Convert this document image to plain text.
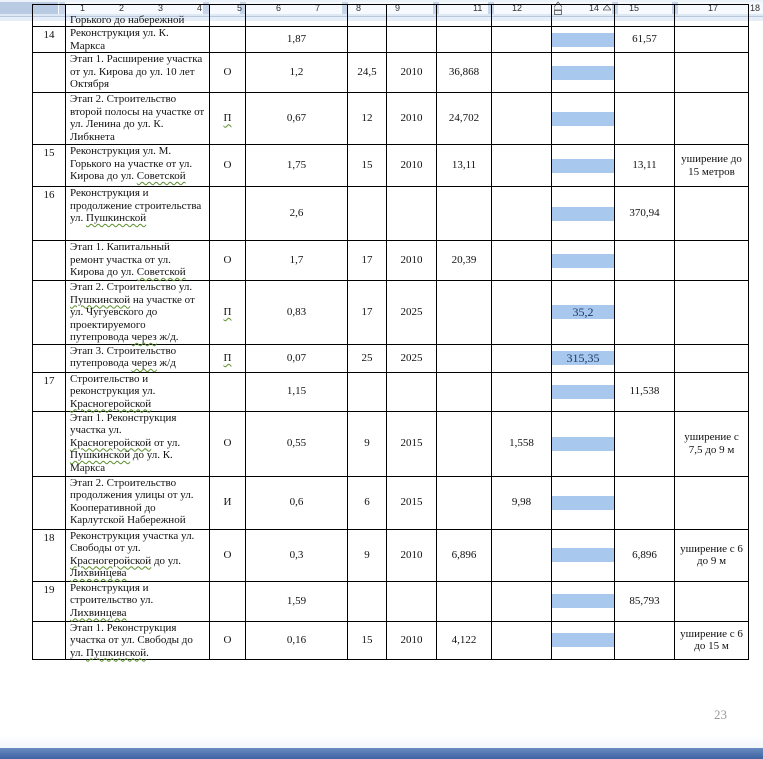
1	2	3	4	5	6	7	8	9	11	12	14	15	17	18
	Горького до набережной									
14	Реконструкция ул. К. Маркса		1,87						61,57	
	Этап 1. Расширение участка от ул. Кирова до ул. 10 лет Октября	О	1,2	24,5	2010	36,868		

	Этап 2. Строительство второй полосы на участке от ул. Ленина до ул. К. Либкнета	П	0,67	12	2010	24,702		

15	Реконструкция ул. М. Горького на участке от ул. Кирова до ул. Советской	О	1,75	15	2010	13,11			13,11	уширение до 15 метров
16	Реконструкция и продолжение строительства ул. Пушкинской		2,6						370,94	
	Этап 1. Капитальный ремонт участка от ул. Кирова до ул. Советской	О	1,7	17	2010	20,39		

	Этап 2. Строительство ул. Пушкинской на участке от ул. Чугуевского до проектируемого путепровода через ж/д.	П	0,83	17	2025			35,2		

	Этап 3. Строительство путепровода через ж/д	П	0,07	25	2025			315,35		

17	Строительство и реконструкция ул. Красногеройской		1,15						11,538	
	Этап 1. Реконструкция участка ул. Красногеройской от ул. Пушкинской до ул. К. Маркса	О	0,55	9	2015		1,558			уширение с 7,5 до 9 м
	Этап 2. Строительство продолжения улицы от ул. Кооперативной до Карлутской Набережной	И	0,6	6	2015		9,98	

18	Реконструкция участка ул. Свободы от ул. Красногеройской до ул. Лихвинцева	О	0,3	9	2010	6,896			6,896	уширение с 6 до 9 м
19	Реконструкция и строительство ул. Лихвинцева		1,59						85,793	
	Этап 1. Реконструкция участка от ул. Свободы до ул. Пушкинской.	О	0,16	15	2010	4,122				уширение с 6 до 15 м
23
